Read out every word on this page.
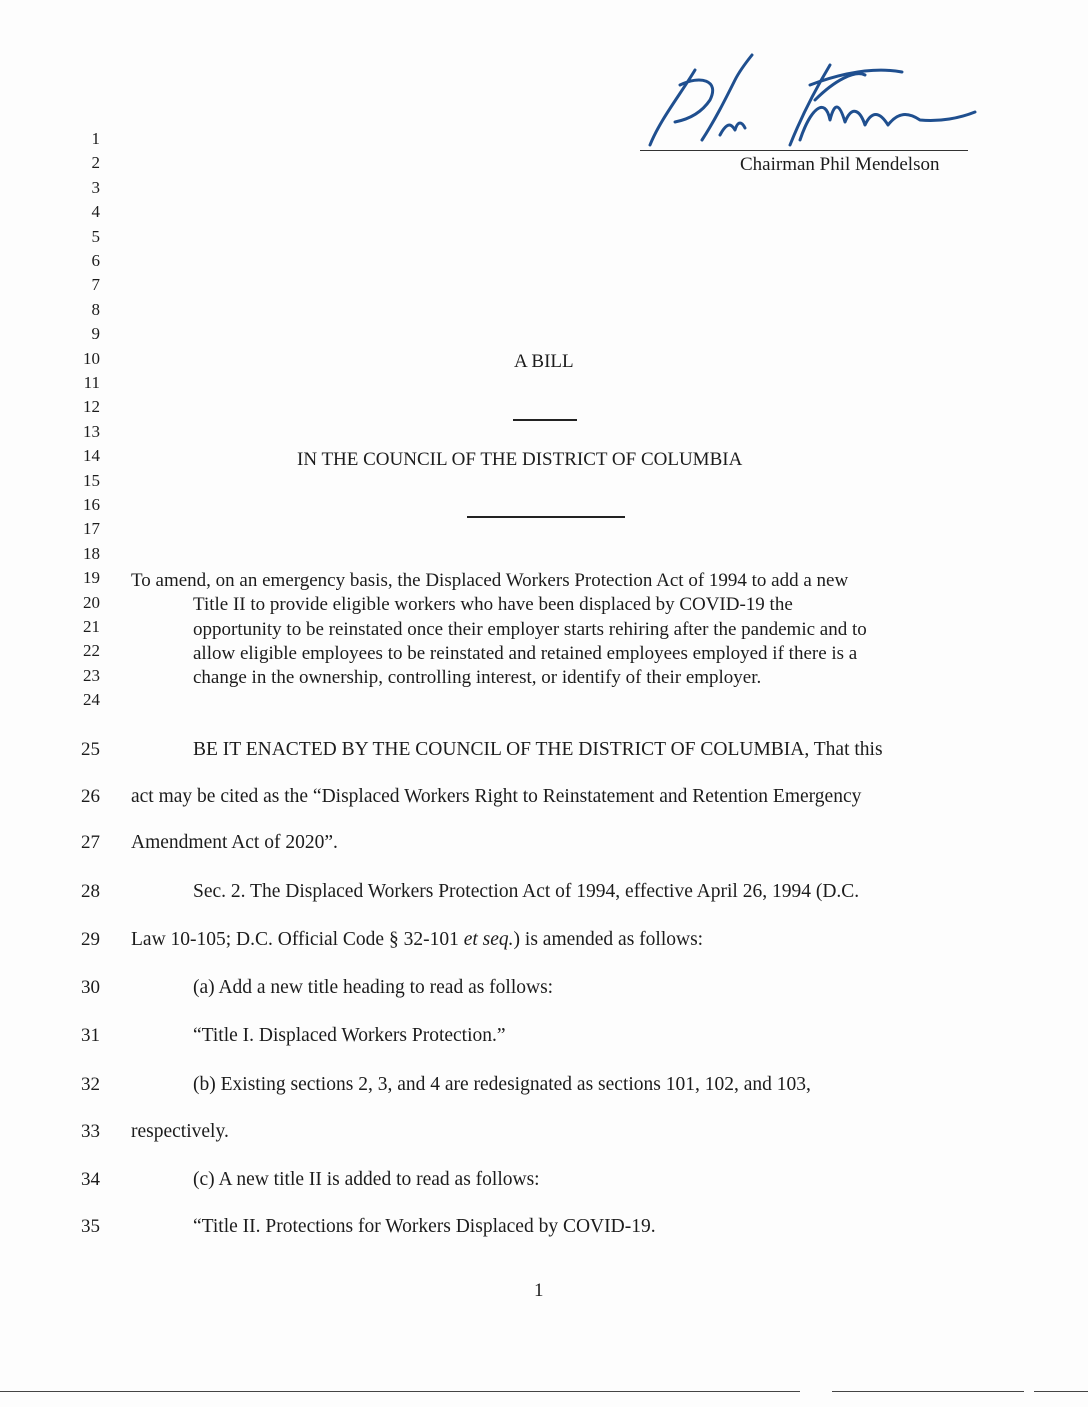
Chairman Phil Mendelson
1
2
3
4
5
6
7
8
9
10
11
12
13
14
15
16
17
18
19
20
21
22
23
24
A BILL
IN THE COUNCIL OF THE DISTRICT OF COLUMBIA
To amend, on an emergency basis, the Displaced Workers Protection Act of 1994 to add a new
Title II to provide eligible workers who have been displaced by COVID-19 the
opportunity to be reinstated once their employer starts rehiring after the pandemic and to
allow eligible employees to be reinstated and retained employees employed if there is a
change in the ownership, controlling interest, or identify of their employer.
25	BE IT ENACTED BY THE COUNCIL OF THE DISTRICT OF COLUMBIA, That this
26 act may be cited as the “Displaced Workers Right to Reinstatement and Retention Emergency
27 Amendment Act of 2020”.
28	Sec. 2. The Displaced Workers Protection Act of 1994, effective April 26, 1994 (D.C.
29 Law 10-105; D.C. Official Code § 32-101 et seq.) is amended as follows:
30	(a) Add a new title heading to read as follows:
31	“Title I. Displaced Workers Protection.”
32	(b) Existing sections 2, 3, and 4 are redesignated as sections 101, 102, and 103,
33 respectively.
34	(c) A new title II is added to read as follows:
35	“Title II. Protections for Workers Displaced by COVID-19.
1
